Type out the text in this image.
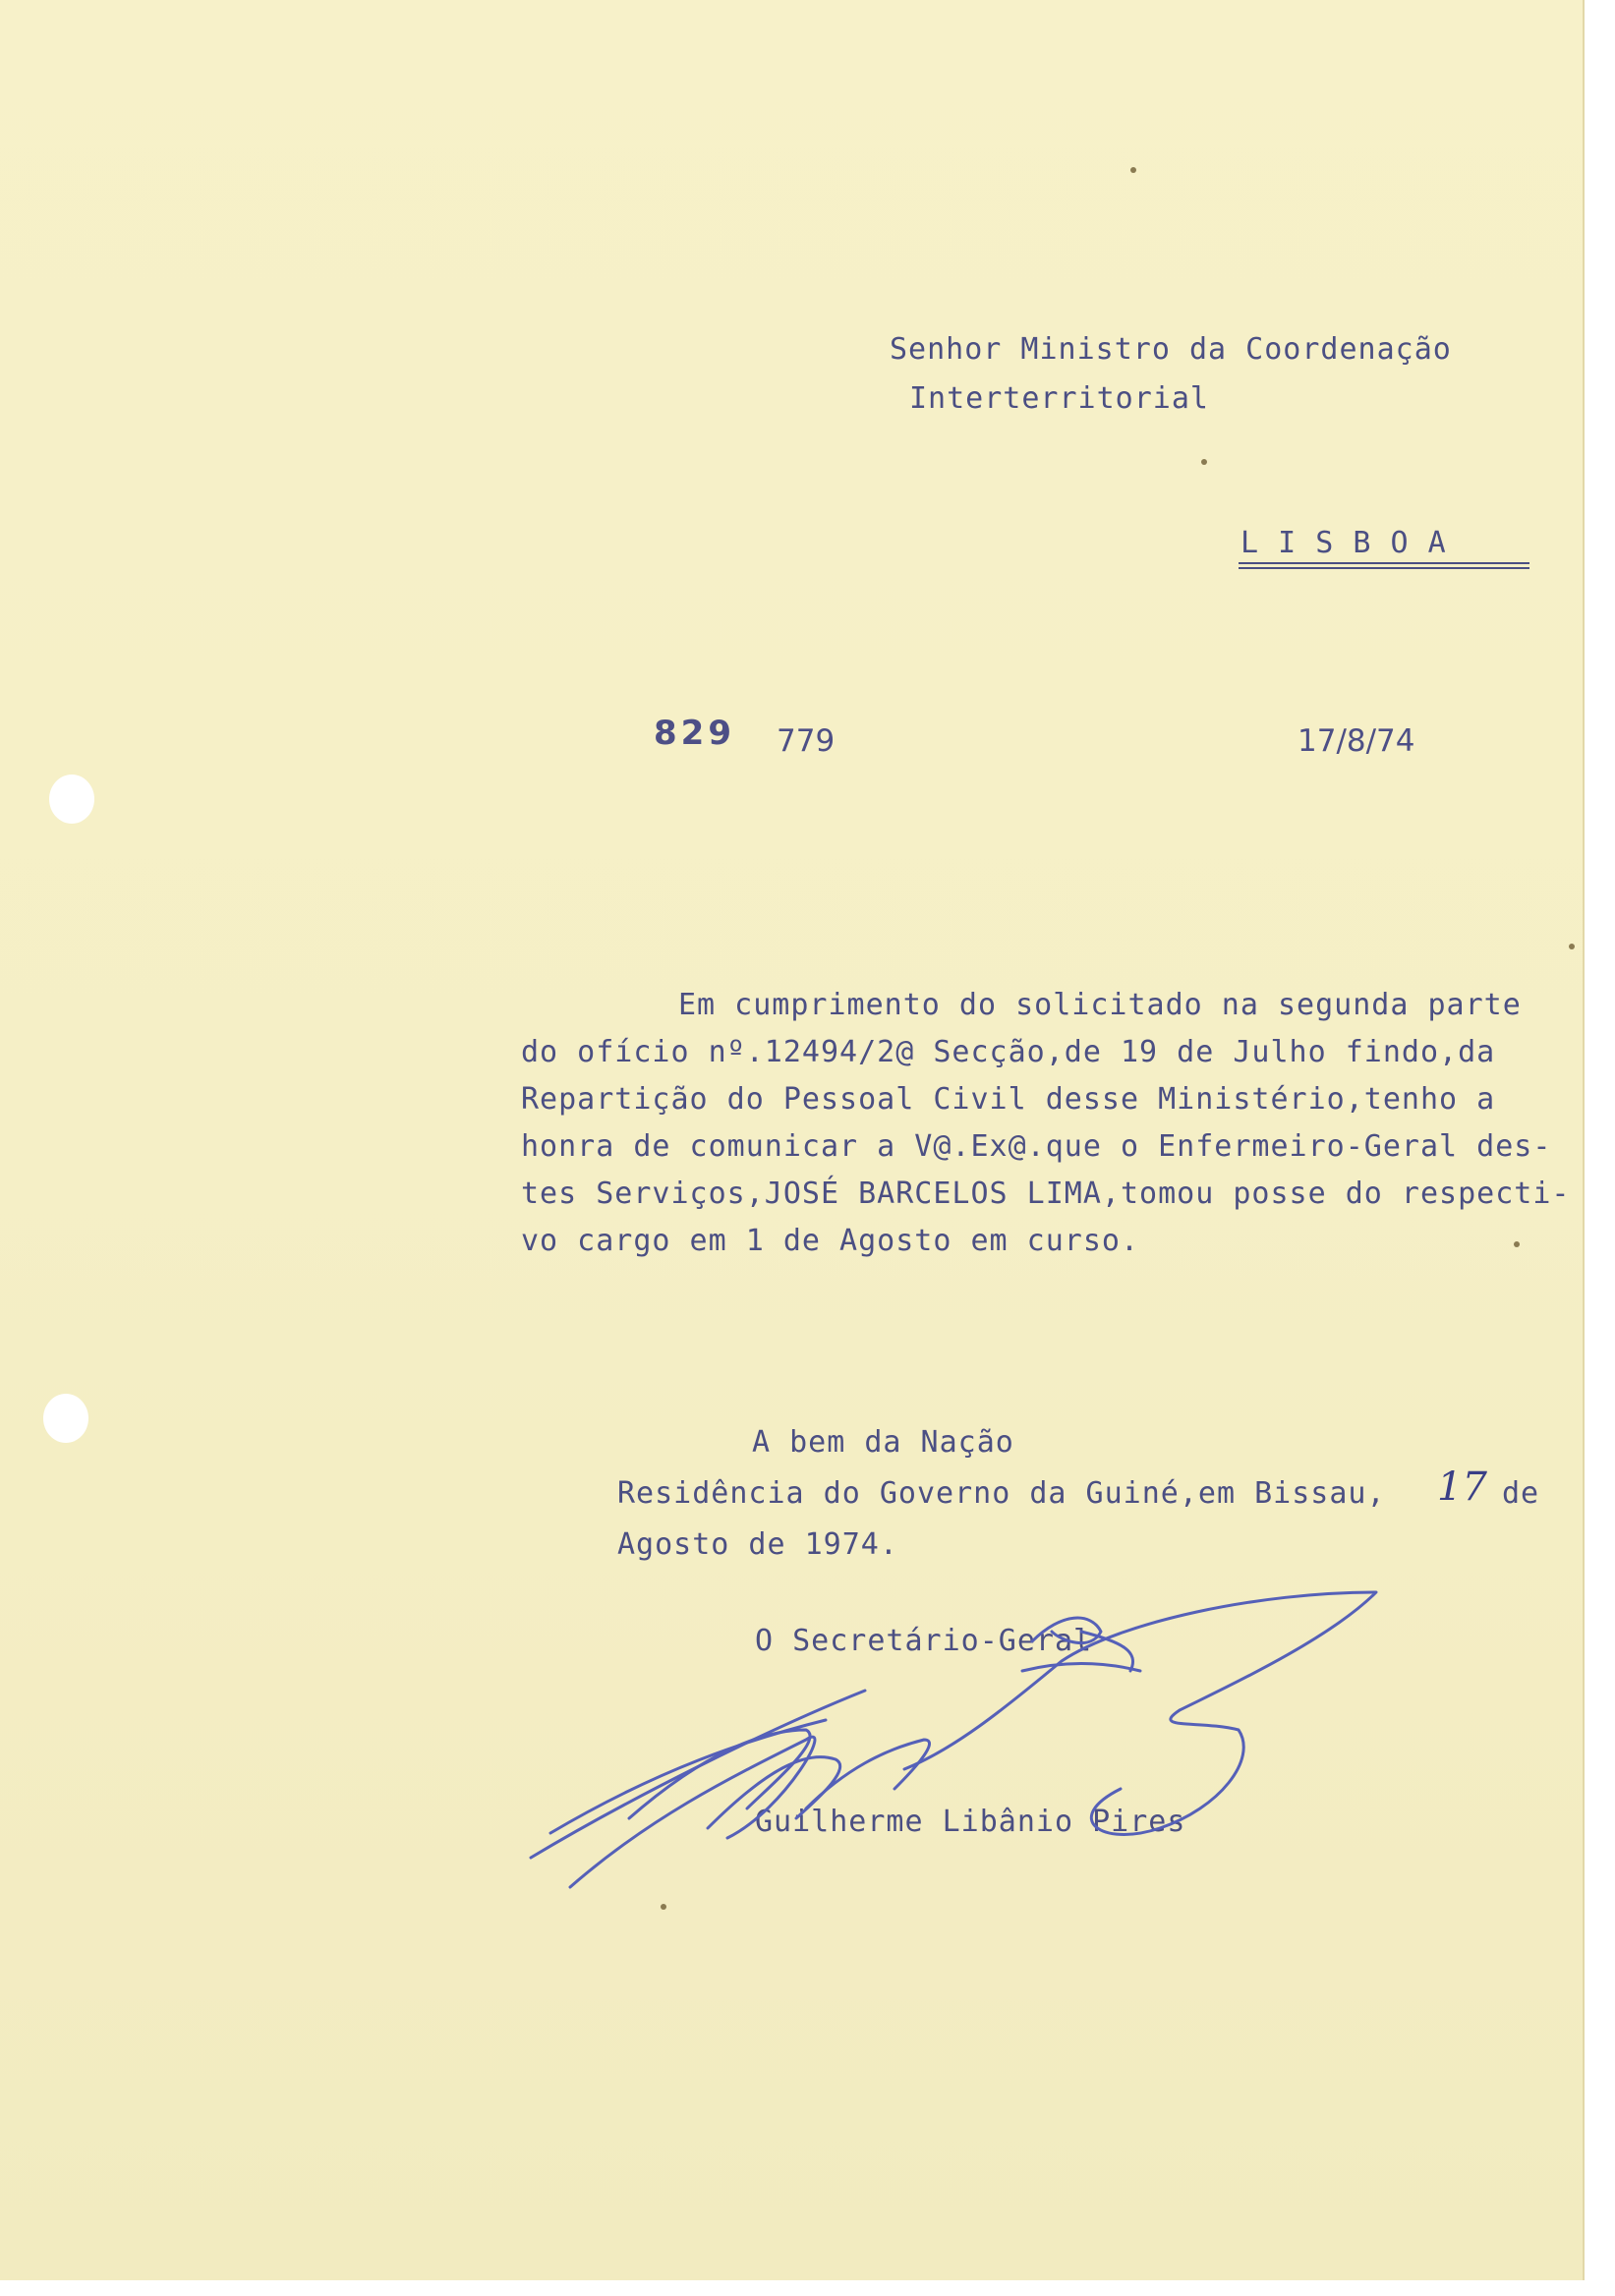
Senhor Ministro da Coordenação
Interterritorial
L I S B O A
829 779	17/8/74
Em cumprimento do solicitado na segunda parte
do ofício nº.12494/2@ Secção,de 19 de Julho findo,da
Repartição do Pessoal Civil desse Ministério,tenho a
honra de comunicar a V@.Ex@.que o Enfermeiro-Geral des-
tes Serviços,JOSÉ BARCELOS LIMA,tomou posse do respecti-
vo cargo em 1 de Agosto em curso.
A bem da Nação
Residência do Governo da Guiné,em Bissau, 17 de
Agosto de 1974.
O Secretário-Geral
Guilherme Libânio Pires
